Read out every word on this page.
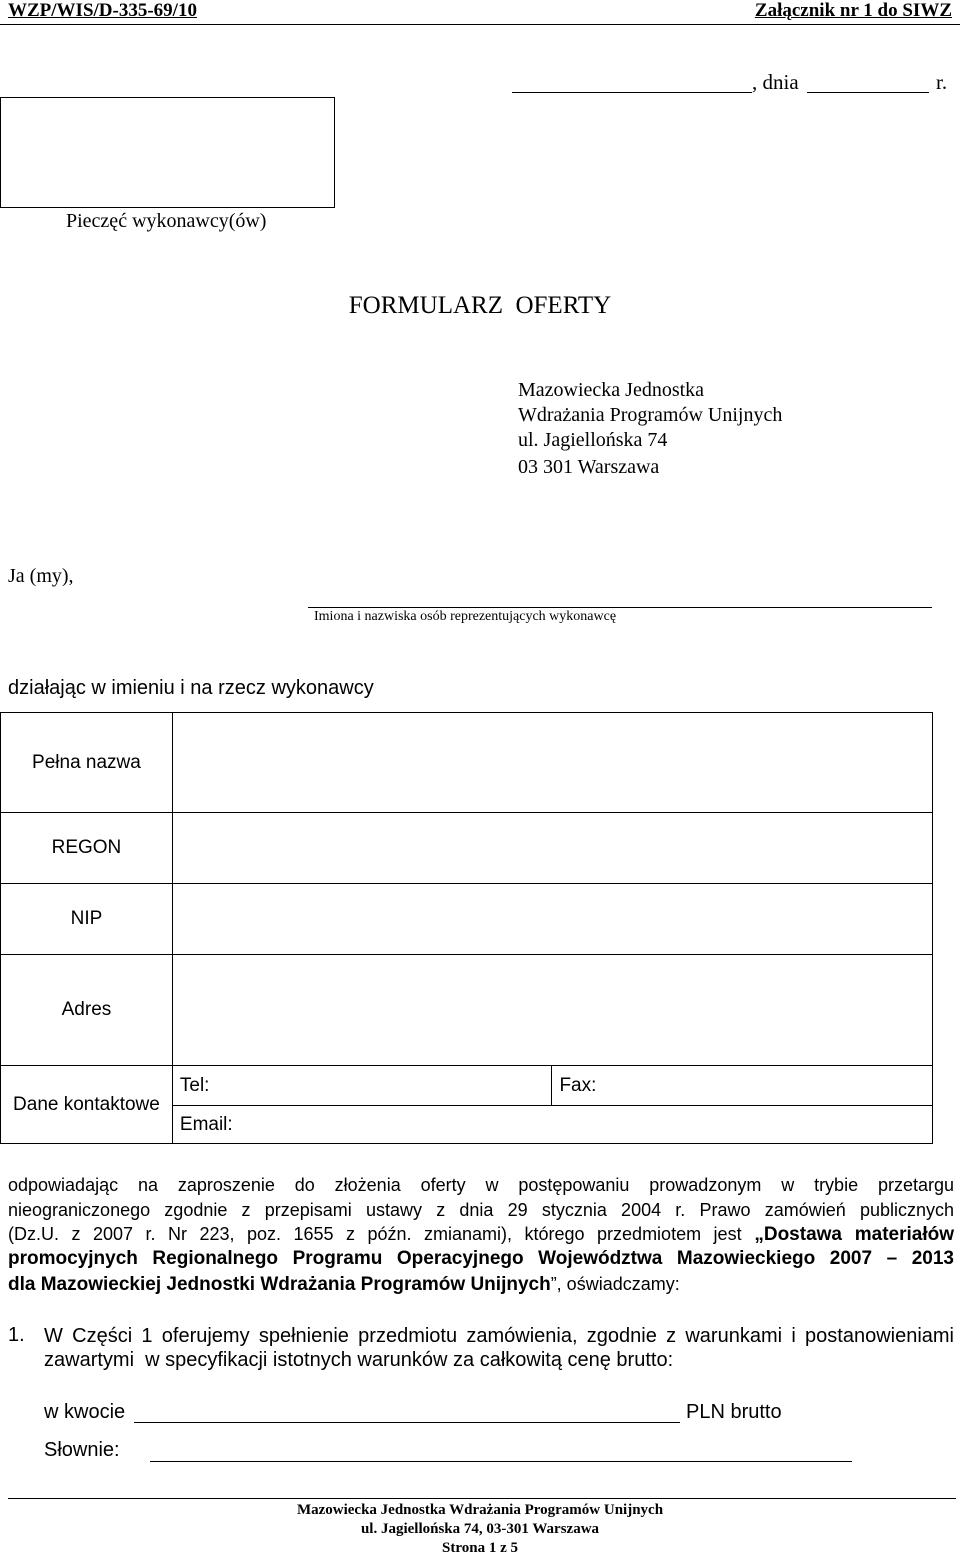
WZP/WIS/D-335-69/10	Załącznik nr 1 do SIWZ
, dnia	r.
Pieczęć wykonawcy(ów)
FORMULARZ  OFERTY
Mazowiecka Jednostka
Wdrażania Programów Unijnych
ul. Jagiellońska 74
03 301 Warszawa
Ja (my),
Imiona i nazwiska osób reprezentujących wykonawcę
działając w imieniu i na rzecz wykonawcy
Pełna nazwa		
REGON		
NIP		
Adres		
Dane kontaktowe	Tel:	Fax:
	Email:	
odpowiadając na zaproszenie do złożenia oferty w postępowaniu prowadzonym w trybie przetargu
nieograniczonego zgodnie z przepisami ustawy z dnia 29 stycznia 2004 r. Prawo zamówień publicznych
(Dz.U. z 2007 r. Nr 223, poz. 1655 z późn. zmianami), którego przedmiotem jest „Dostawa materiałów
promocyjnych Regionalnego Programu Operacyjnego Województwa Mazowieckiego 2007 – 2013
dla Mazowieckiej Jednostki Wdrażania Programów Unijnych”, oświadczamy:
1. W Części 1 oferujemy spełnienie przedmiotu zamówienia, zgodnie z warunkami i postanowieniami
zawartymi  w specyfikacji istotnych warunków za całkowitą cenę brutto:
w kwocie	PLN brutto
Słownie:
Mazowiecka Jednostka Wdrażania Programów Unijnych
ul. Jagiellońska 74, 03-301 Warszawa
Strona 1 z 5
